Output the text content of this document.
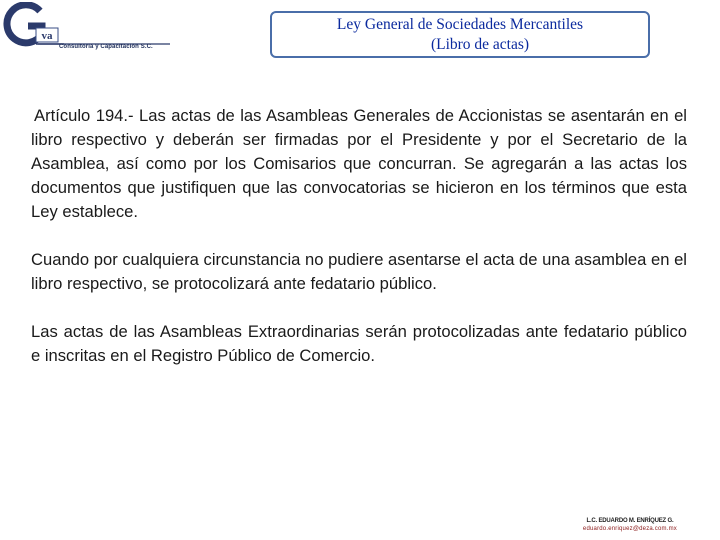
va
Consultoría y Capacitación S.C.
Ley General de Sociedades Mercantiles
(Libro de actas)

Artículo 194.- Las actas de las Asambleas Generales de Accionistas se asentarán en el libro respectivo y deberán ser firmadas por el Presidente y por el Secretario de la Asamblea, así como por los Comisarios que concurran. Se agregarán a las actas los documentos que justifiquen que las convocatorias se hicieron en los términos que esta Ley establece.

Cuando por cualquiera circunstancia no pudiere asentarse el acta de una asamblea en el libro respectivo, se protocolizará ante fedatario público.

Las actas de las Asambleas Extraordinarias serán protocolizadas ante fedatario público e inscritas en el Registro Público de Comercio.

L.C. EDUARDO M. ENRÍQUEZ G.
eduardo.enriquez@deza.com.mx
